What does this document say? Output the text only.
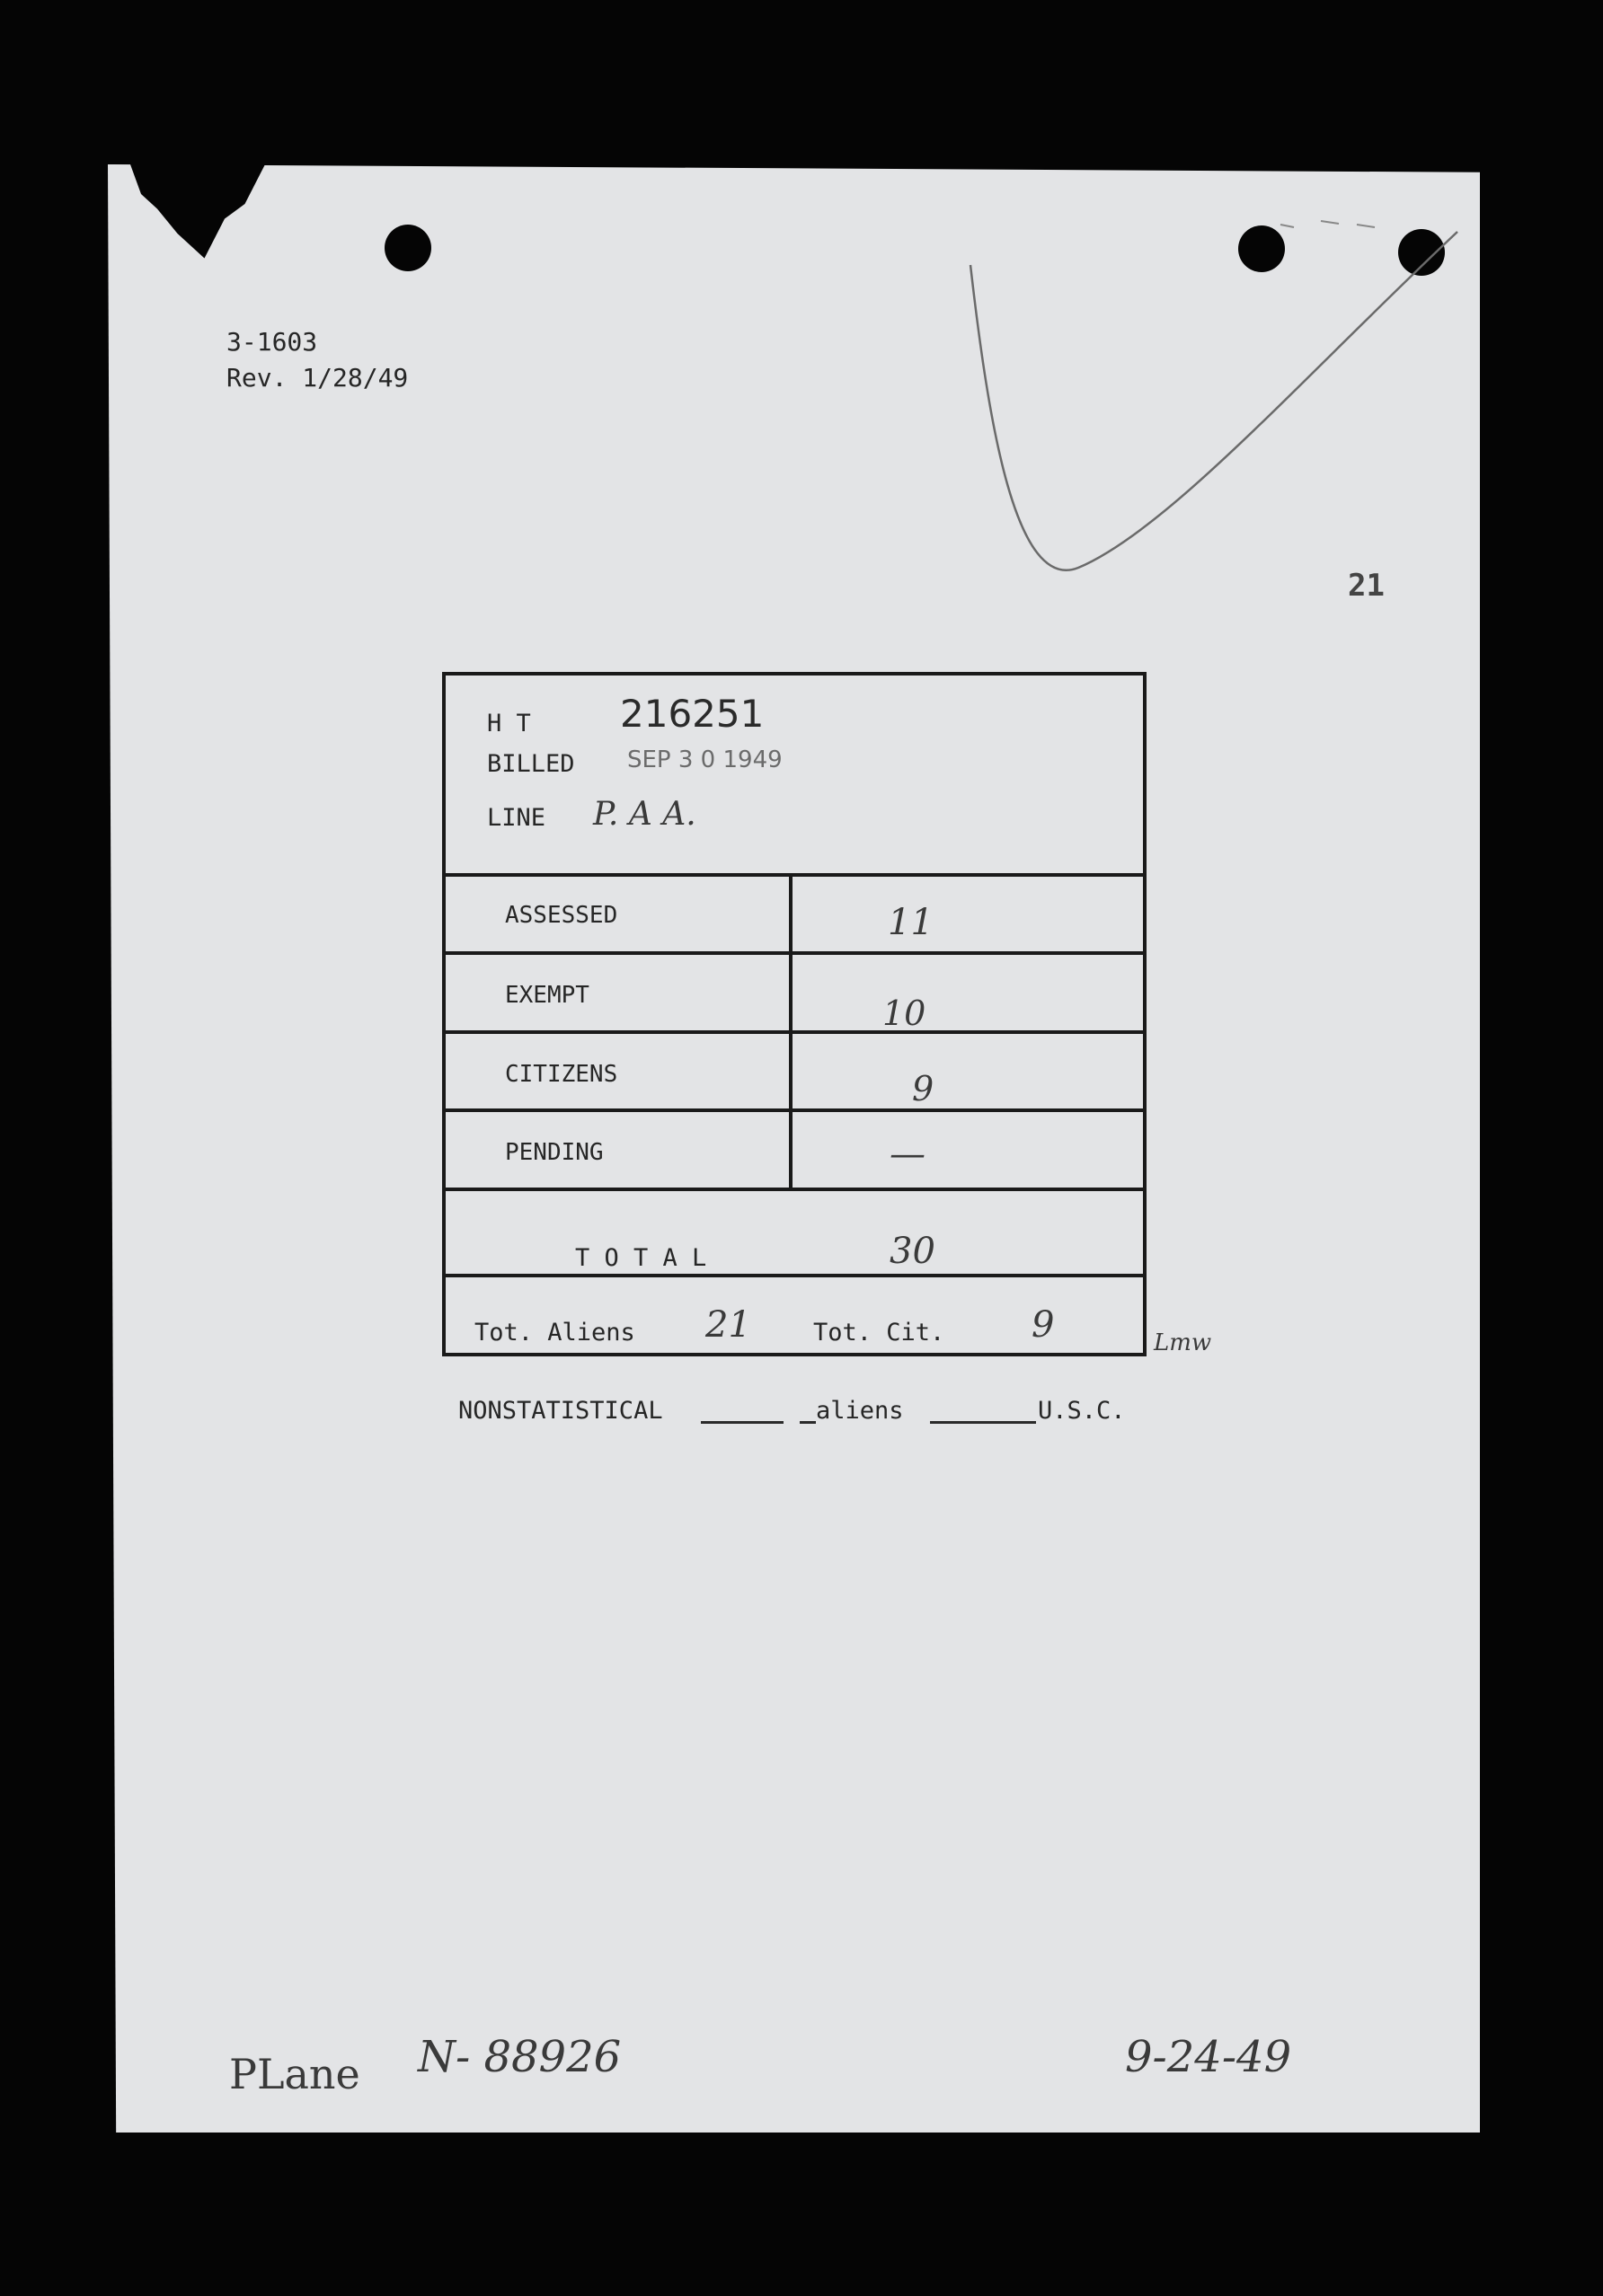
3-1603
Rev. 1/28/49
21
H T 216251
BILLED SEP 3 0 1949
LINE P. A A.
ASSESSED	11
EXEMPT	10
CITIZENS	9
PENDING	—
T O T A L	30
Tot. Aliens 21	Tot. Cit. 9	Lmw
NONSTATISTICAL	aliens	U.S.C.
PLane N- 88926	9-24-49
